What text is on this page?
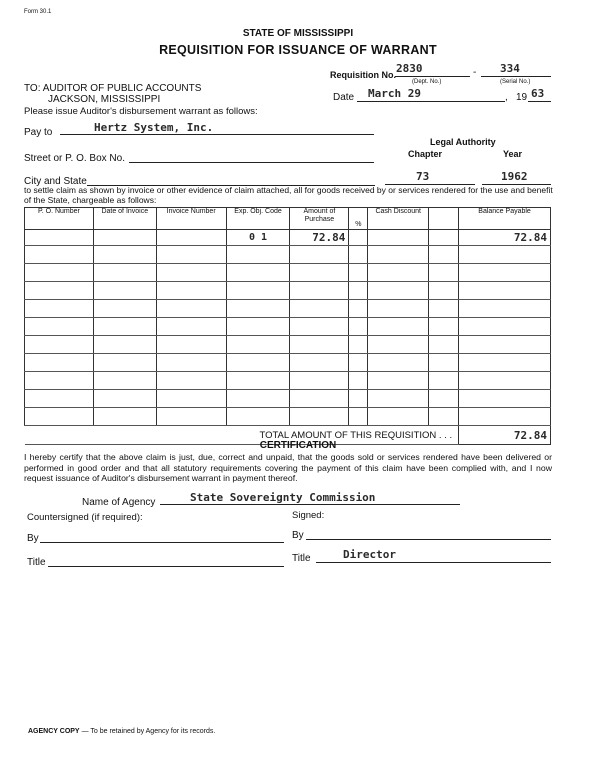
Form 30.1
STATE OF MISSISSIPPI
REQUISITION FOR ISSUANCE OF WARRANT
Requisition No. 2830	- 334
(Dept. No.)	(Serial No.)
TO: AUDITOR OF PUBLIC ACCOUNTS
JACKSON, MISSISSIPPI
Please issue Auditor's disbursement warrant as follows:
Date March 29	, 19 63
Pay to	Hertz System, Inc.
Legal Authority
Chapter	Year
Street or P. O. Box No.
City and State	73	1962
to settle claim as shown by invoice or other evidence of claim attached, all for goods received by or services rendered for the use and benefit of the State, chargeable as follows:
P. O. Number	Date of Invoice	Invoice Number	Exp. Obj. Code	Amount of Purchase	%	Cash Discount		Balance Payable
			0 1	72.84				72.84

TOTAL AMOUNT OF THIS REQUISITION . . .								72.84
CERTIFICATION
I hereby certify that the above claim is just, due, correct and unpaid, that the goods sold or services rendered have been delivered or performed in good order and that all statutory requirements covering the payment of this claim have been complied with, and I now request issuance of Auditor's disbursement warrant in payment thereof.
Name of Agency	State Sovereignty Commission
Countersigned (if required):	Signed:
By	By
Title	Title	Director
AGENCY COPY — To be retained by Agency for its records.
